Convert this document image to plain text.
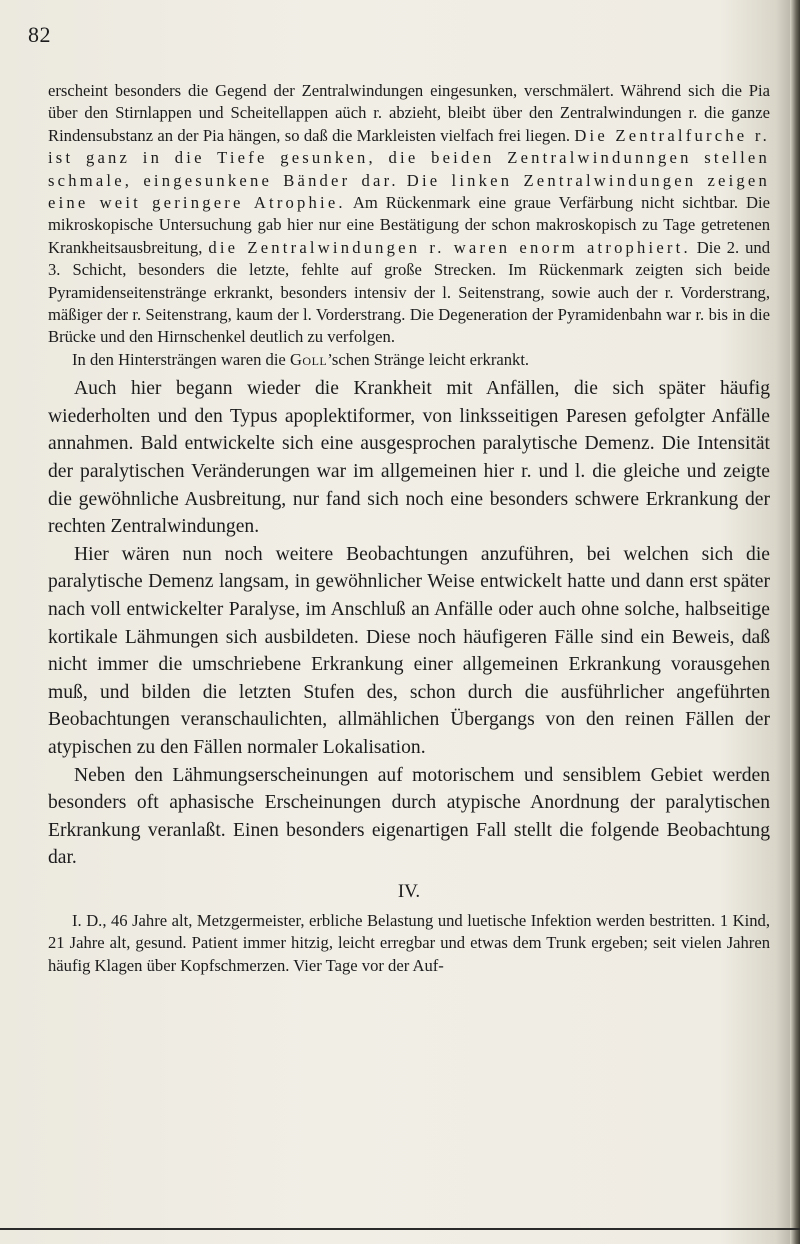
82

erscheint besonders die Gegend der Zentralwindungen eingesunken, verschmälert. Während sich die Pia über den Stirnlappen und Scheitellappen aüch r. abzieht, bleibt über den Zentralwindungen r. die ganze Rindensubstanz an der Pia hängen, so daß die Markleisten vielfach frei liegen. Die Zentralfurche r. ist ganz in die Tiefe gesunken, die beiden Zentralwindunngen stellen schmale, eingesunkene Bänder dar. Die linken Zentralwindungen zeigen eine weit geringere Atrophie. Am Rückenmark eine graue Verfärbung nicht sichtbar. Die mikroskopische Untersuchung gab hier nur eine Bestätigung der schon makroskopisch zu Tage getretenen Krankheitsausbreitung, die Zentralwindungen r. waren enorm atrophiert. Die 2. und 3. Schicht, besonders die letzte, fehlte auf große Strecken. Im Rückenmark zeigten sich beide Pyramidenseitenstränge erkrankt, besonders intensiv der l. Seitenstrang, sowie auch der r. Vorderstrang, mäßiger der r. Seitenstrang, kaum der l. Vorderstrang. Die Degeneration der Pyramidenbahn war r. bis in die Brücke und den Hirnschenkel deutlich zu verfolgen.

In den Hintersträngen waren die Goll’schen Stränge leicht erkrankt.

Auch hier begann wieder die Krankheit mit Anfällen, die sich später häufig wiederholten und den Typus apoplektiformer, von linksseitigen Paresen gefolgter Anfälle annahmen. Bald entwickelte sich eine ausgesprochen paralytische Demenz. Die Intensität der paralytischen Veränderungen war im allgemeinen hier r. und l. die gleiche und zeigte die gewöhnliche Ausbreitung, nur fand sich noch eine besonders schwere Erkrankung der rechten Zentralwindungen.

Hier wären nun noch weitere Beobachtungen anzuführen, bei welchen sich die paralytische Demenz langsam, in gewöhnlicher Weise entwickelt hatte und dann erst später nach voll entwickelter Paralyse, im Anschluß an Anfälle oder auch ohne solche, halbseitige kortikale Lähmungen sich ausbildeten. Diese noch häufigeren Fälle sind ein Beweis, daß nicht immer die umschriebene Erkrankung einer allgemeinen Erkrankung vorausgehen muß, und bilden die letzten Stufen des, schon durch die ausführlicher angeführten Beobachtungen veranschaulichten, allmählichen Übergangs von den reinen Fällen der atypischen zu den Fällen normaler Lokalisation.

Neben den Lähmungserscheinungen auf motorischem und sensiblem Gebiet werden besonders oft aphasische Erscheinungen durch atypische Anordnung der paralytischen Erkrankung veranlaßt. Einen besonders eigenartigen Fall stellt die folgende Beobachtung dar.

IV.

I. D., 46 Jahre alt, Metzgermeister, erbliche Belastung und luetische Infektion werden bestritten. 1 Kind, 21 Jahre alt, gesund. Patient immer hitzig, leicht erregbar und etwas dem Trunk ergeben; seit vielen Jahren häufig Klagen über Kopfschmerzen. Vier Tage vor der Auf-
